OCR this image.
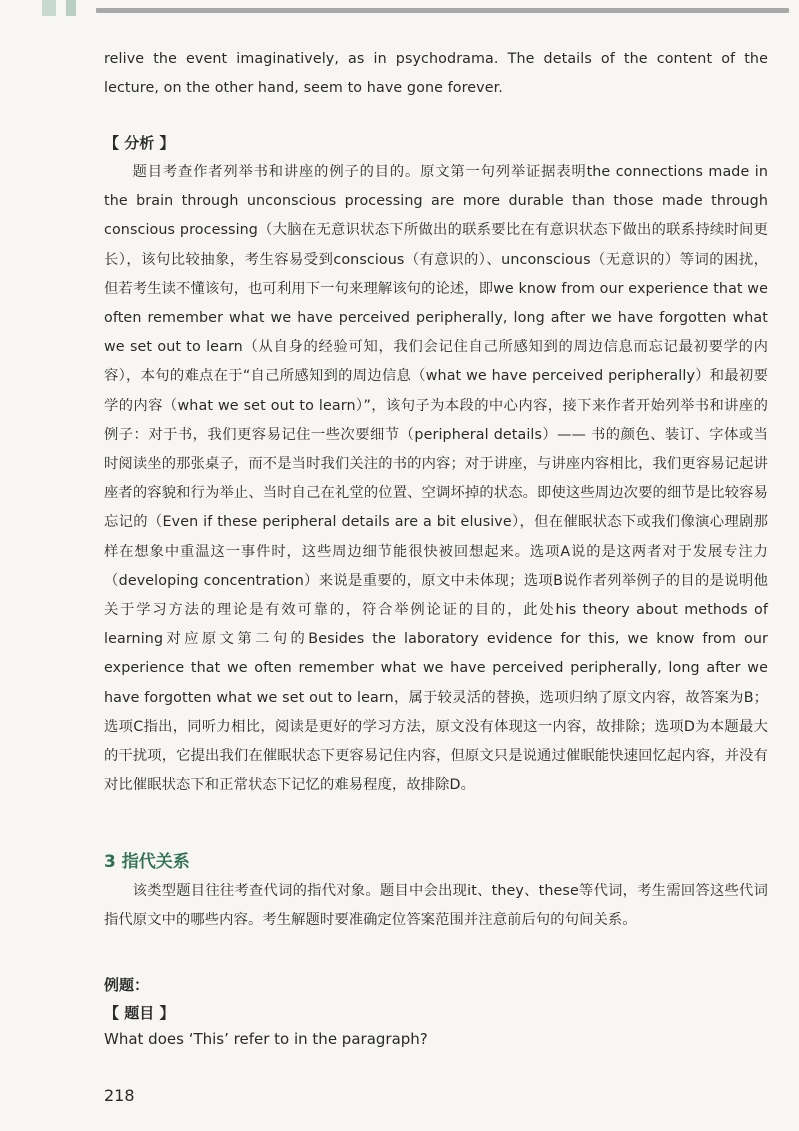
relive the event imaginatively, as in psychodrama. The details of the content of the lecture, on the other hand, seem to have gone forever.

【 分析 】

题目考查作者列举书和讲座的例子的目的。原文第一句列举证据表明the connections made in the brain through unconscious processing are more durable than those made through conscious processing（大脑在无意识状态下所做出的联系要比在有意识状态下做出的联系持续时间更长），该句比较抽象，考生容易受到conscious（有意识的）、unconscious（无意识的）等词的困扰，但若考生读不懂该句，也可利用下一句来理解该句的论述，即we know from our experience that we often remember what we have perceived peripherally, long after we have forgotten what we set out to learn（从自身的经验可知，我们会记住自己所感知到的周边信息而忘记最初要学的内容），本句的难点在于“自己所感知到的周边信息（what we have perceived peripherally）和最初要学的内容（what we set out to learn）”，该句子为本段的中心内容，接下来作者开始列举书和讲座的例子：对于书，我们更容易记住一些次要细节（peripheral details）—— 书的颜色、装订、字体或当时阅读坐的那张桌子，而不是当时我们关注的书的内容；对于讲座，与讲座内容相比，我们更容易记起讲座者的容貌和行为举止、当时自己在礼堂的位置、空调坏掉的状态。即使这些周边次要的细节是比较容易忘记的（Even if these peripheral details are a bit elusive），但在催眠状态下或我们像演心理剧那样在想象中重温这一事件时，这些周边细节能很快被回想起来。选项A说的是这两者对于发展专注力（developing concentration）来说是重要的，原文中未体现；选项B说作者列举例子的目的是说明他关于学习方法的理论是有效可靠的，符合举例论证的目的，此处his theory about methods of learning对应原文第二句的Besides the laboratory evidence for this, we know from our experience that we often remember what we have perceived peripherally, long after we have forgotten what we set out to learn，属于较灵活的替换，选项归纳了原文内容，故答案为B；选项C指出，同听力相比，阅读是更好的学习方法，原文没有体现这一内容，故排除；选项D为本题最大的干扰项，它提出我们在催眠状态下更容易记住内容，但原文只是说通过催眠能快速回忆起内容，并没有对比催眠状态下和正常状态下记忆的难易程度，故排除D。

3 指代关系

该类型题目往往考查代词的指代对象。题目中会出现it、they、these等代词，考生需回答这些代词指代原文中的哪些内容。考生解题时要准确定位答案范围并注意前后句的句间关系。

例题：

【 题目 】

What does ‘This’ refer to in the paragraph?

218
